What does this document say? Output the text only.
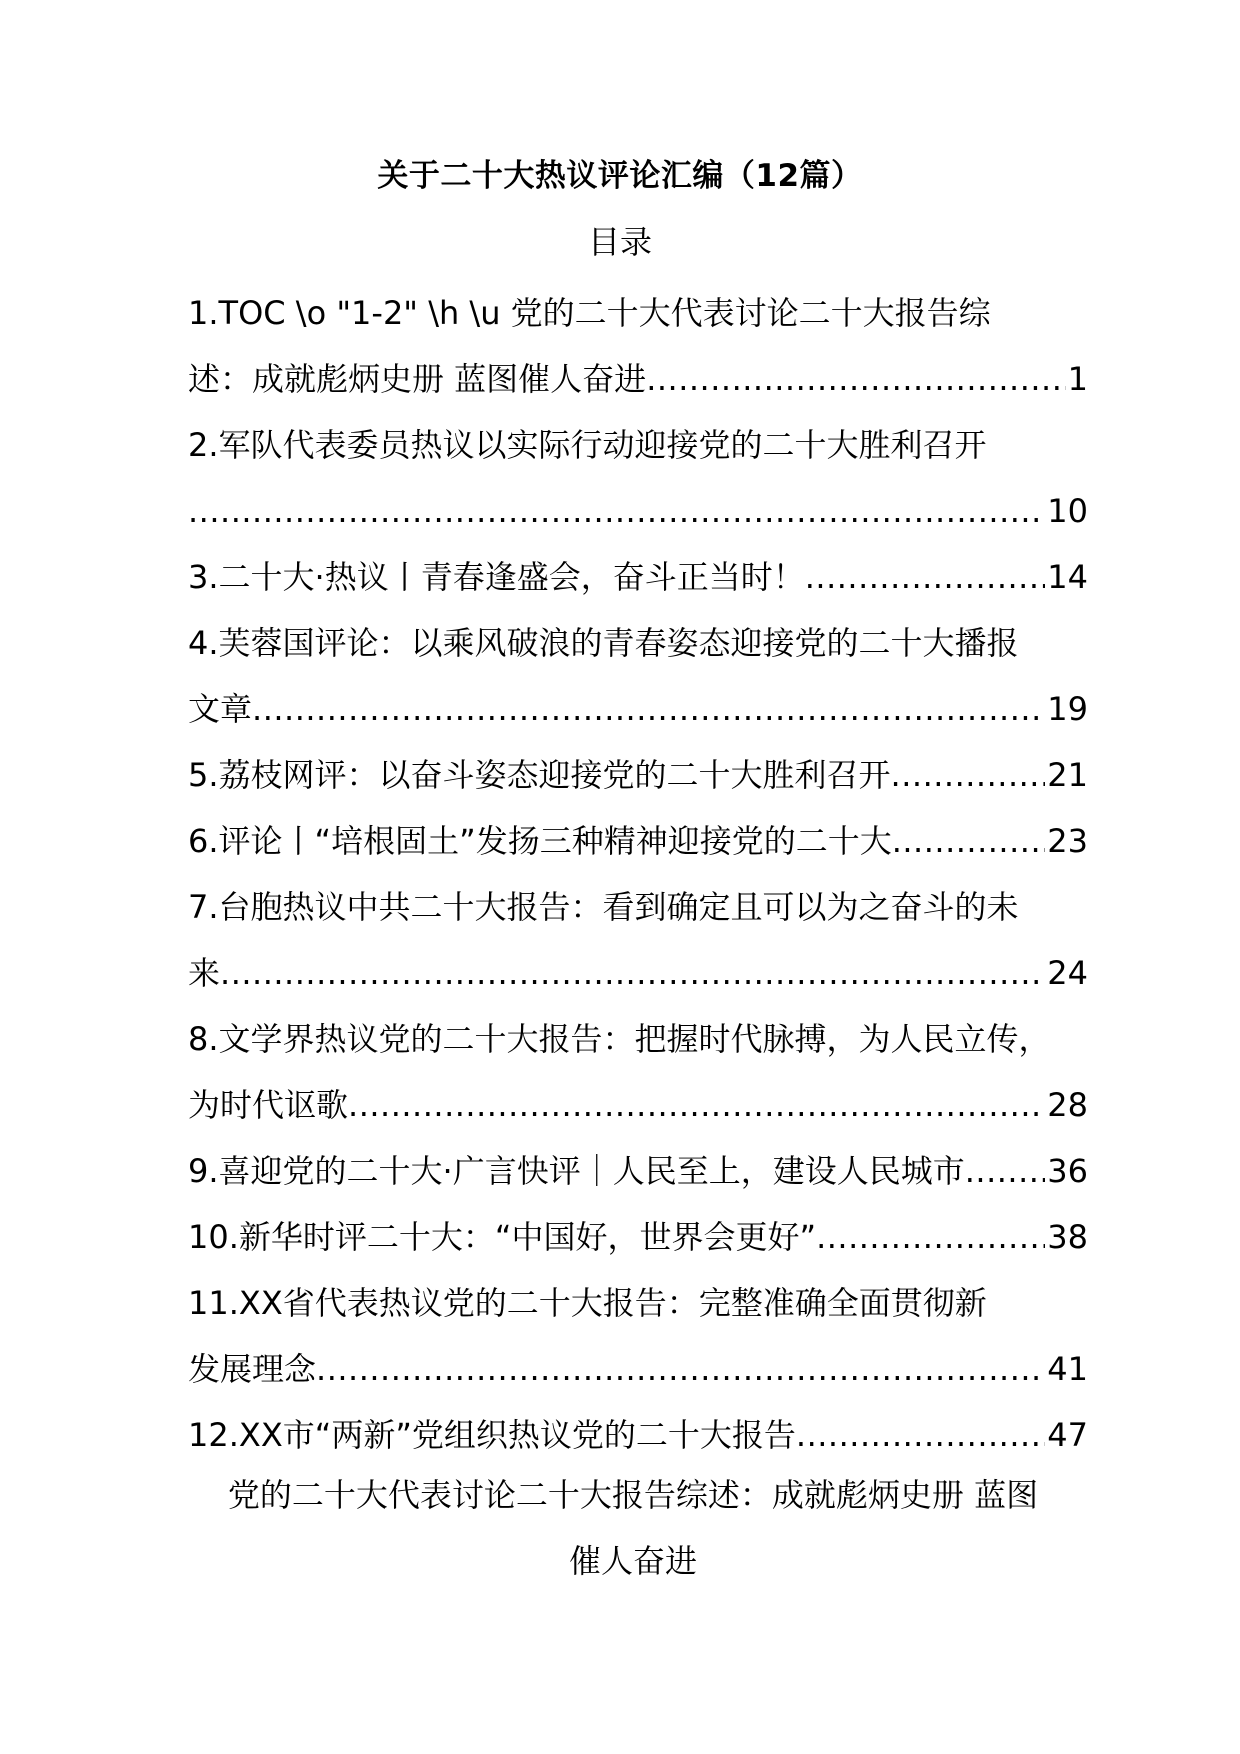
关于二十大热议评论汇编（12篇）
目录
1.TOC \o "1-2" \h \u 党的二十大代表讨论二十大报告综
述：成就彪炳史册 蓝图催人奋进 .....	1
2.军队代表委员热议以实际行动迎接党的二十大胜利召开
.....
10
3.二十大·热议丨青春逢盛会，奋斗正当时！ .....	14
4.芙蓉国评论：以乘风破浪的青春姿态迎接党的二十大播报
文章 .....	19
5.荔枝网评：以奋斗姿态迎接党的二十大胜利召开 .....	21
6.评论丨“培根固土”发扬三种精神迎接党的二十大 .....	23
7.台胞热议中共二十大报告：看到确定且可以为之奋斗的未
来 .....	24
8.文学界热议党的二十大报告：把握时代脉搏，为人民立传，
为时代讴歌 .....	28
9.喜迎党的二十大·广言快评｜人民至上，建设人民城市 .....	36
10.新华时评二十大：“中国好，世界会更好” .....	38
11.XX省代表热议党的二十大报告：完整准确全面贯彻新
发展理念 .....	41
12.XX市“两新”党组织热议党的二十大报告 .....	47
党的二十大代表讨论二十大报告综述：成就彪炳史册 蓝图
催人奋进
